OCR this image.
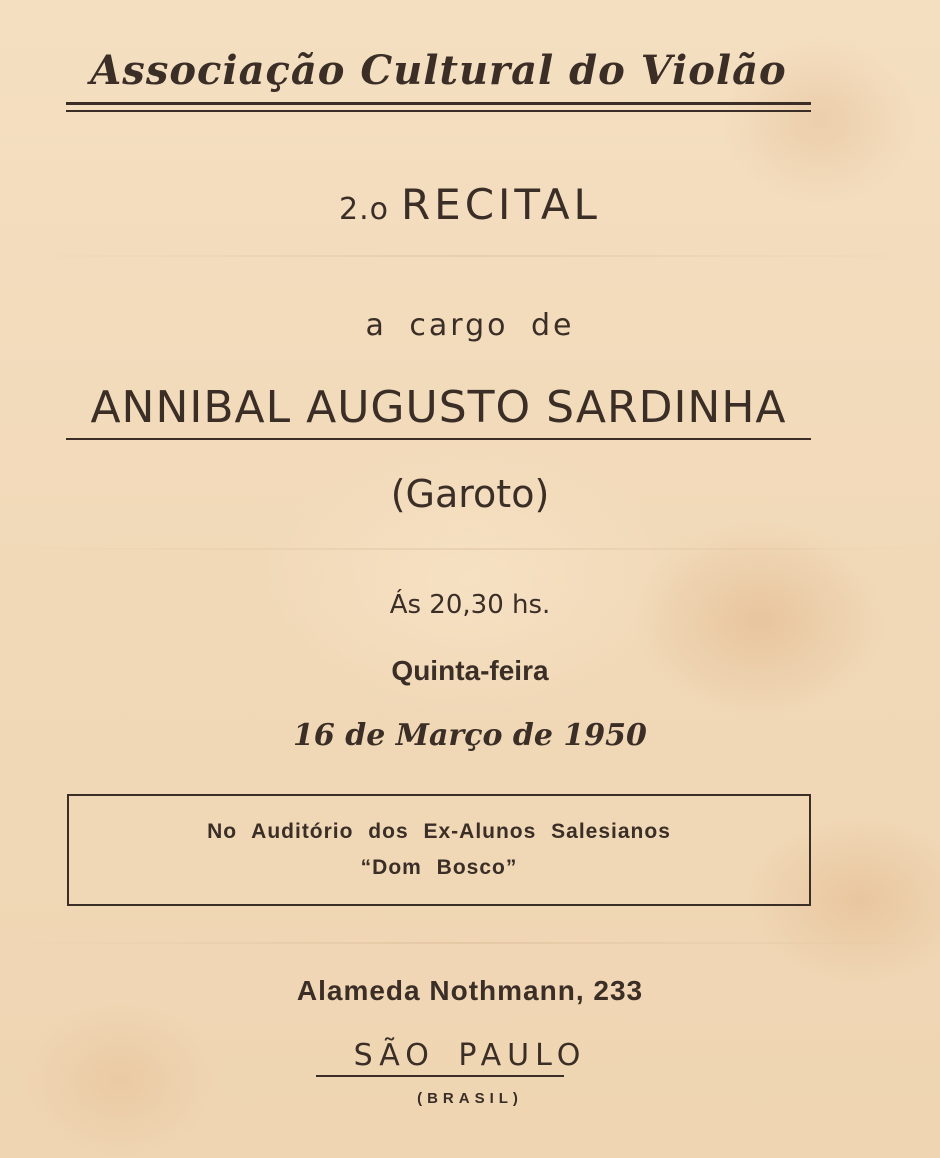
Associação Cultural do Violão
2.o RECITAL
a cargo de
ANNIBAL AUGUSTO SARDINHA
(Garoto)
Ás 20,30 hs.
Quinta-feira
16 de Março de 1950
No Auditório dos Ex-Alunos Salesianos
“Dom Bosco”
Alameda Nothmann, 233
SÃO PAULO
(BRASIL)
